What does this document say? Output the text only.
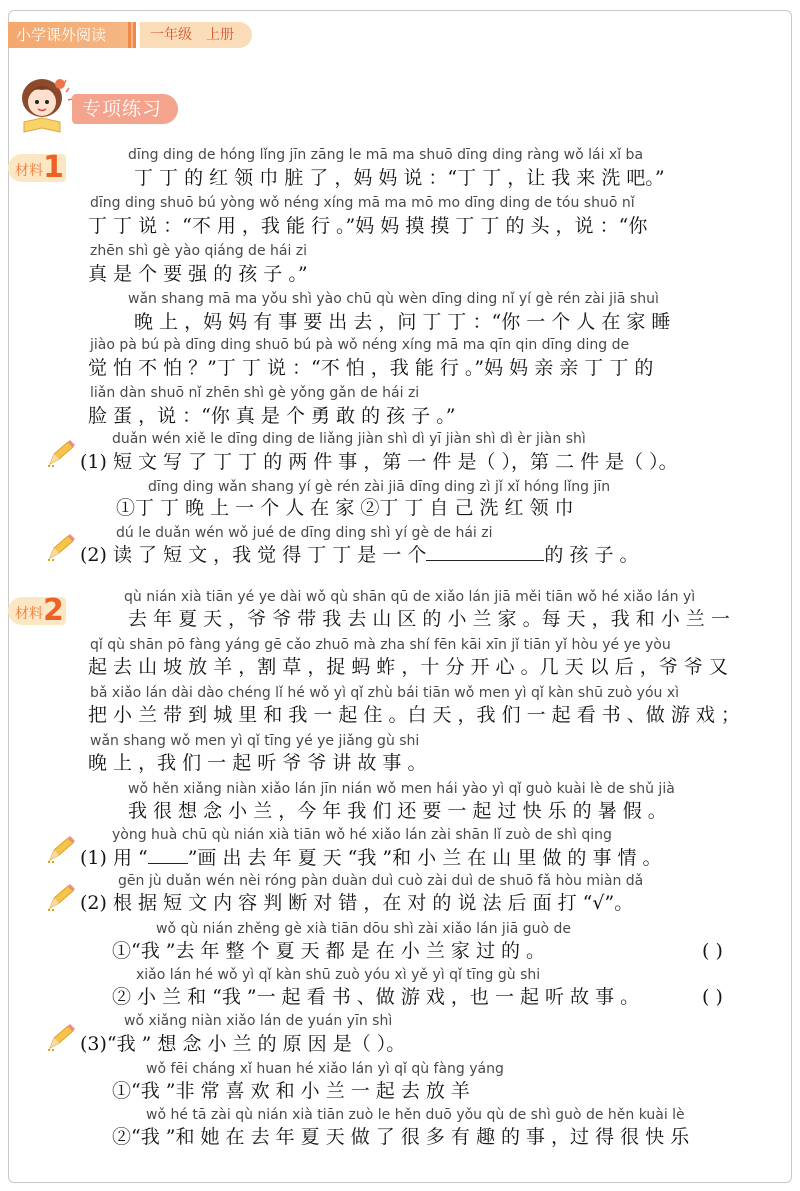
小学课外阅读	一年级　上册
专项练习
材料 1	dīng ding de hóng lǐng jīn zāng le mā ma shuō dīng ding ràng wǒ lái xǐ ba
丁 丁 的 红 领 巾 脏 了 ，妈 妈 说 ：“丁 丁 ，让 我 来 洗 吧。”
dīng ding shuō bú yòng wǒ néng xíng mā ma mō mo dīng ding de tóu shuō nǐ
丁 丁 说 ：“不 用 ，我 能 行 。”妈 妈 摸 摸 丁 丁 的 头 ，说 ：“你
zhēn shì gè yào qiáng de hái zi
真 是 个 要 强 的 孩 子 。”
wǎn shang mā ma yǒu shì yào chū qù wèn dīng ding nǐ yí gè rén zài jiā shuì
晚 上 ，妈 妈 有 事 要 出 去 ，问 丁 丁 ：“你 一 个 人 在 家 睡
jiào pà bú pà dīng ding shuō bú pà wǒ néng xíng mā ma qīn qin dīng ding de
觉 怕 不 怕 ？”丁 丁 说 ：“不 怕 ，我 能 行 。”妈 妈 亲 亲 丁 丁 的
liǎn dàn shuō nǐ zhēn shì gè yǒng gǎn de hái zi
脸 蛋 ，说 ：“你 真 是 个 勇 敢 的 孩 子 。”
duǎn wén xiě le dīng ding de liǎng jiàn shì dì yī jiàn shì dì èr jiàn shì
(1) 短 文 写 了 丁 丁 的 两 件 事 ，第 一 件 是（ ），第 二 件 是（ ）。
dīng ding wǎn shang yí gè rén zài jiā dīng ding zì jǐ xǐ hóng lǐng jīn
①丁 丁 晚 上 一 个 人 在 家 ②丁 丁 自 己 洗 红 领 巾
dú le duǎn wén wǒ jué de dīng ding shì yí gè de hái zi
(2) 读 了 短 文 ，我 觉 得 丁 丁 是 一 个	的 孩 子 。
材料 2	qù nián xià tiān yé ye dài wǒ qù shān qū de xiǎo lán jiā měi tiān wǒ hé xiǎo lán yì
去 年 夏 天 ，爷 爷 带 我 去 山 区 的 小 兰 家 。每 天 ，我 和 小 兰 一
qǐ qù shān pō fàng yáng gē cǎo zhuō mà zha shí fēn kāi xīn jǐ tiān yǐ hòu yé ye yòu
起 去 山 坡 放 羊 ，割 草 ，捉 蚂 蚱 ，十 分 开 心 。几 天 以 后 ，爷 爷 又
bǎ xiǎo lán dài dào chéng lǐ hé wǒ yì qǐ zhù bái tiān wǒ men yì qǐ kàn shū zuò yóu xì
把 小 兰 带 到 城 里 和 我 一 起 住 。白 天 ，我 们 一 起 看 书 、做 游 戏 ；
wǎn shang wǒ men yì qǐ tīng yé ye jiǎng gù shi
晚 上 ，我 们 一 起 听 爷 爷 讲 故 事 。
wǒ hěn xiǎng niàn xiǎo lán jīn nián wǒ men hái yào yì qǐ guò kuài lè de shǔ jià
我 很 想 念 小 兰 ，今 年 我 们 还 要 一 起 过 快 乐 的 暑 假 。
yòng huà chū qù nián xià tiān wǒ hé xiǎo lán zài shān lǐ zuò de shì qing
(1) 用 “ ”画 出 去 年 夏 天 “我 ”和 小 兰 在 山 里 做 的 事 情 。
gēn jù duǎn wén nèi róng pàn duàn duì cuò zài duì de shuō fǎ hòu miàn dǎ
(2) 根 据 短 文 内 容 判 断 对 错 ，在 对 的 说 法 后 面 打 “√”。
wǒ qù nián zhěng gè xià tiān dōu shì zài xiǎo lán jiā guò de
①“我 ”去 年 整 个 夏 天 都 是 在 小 兰 家 过 的 。	( )
xiǎo lán hé wǒ yì qǐ kàn shū zuò yóu xì yě yì qǐ tīng gù shi
② 小 兰 和 “我 ”一 起 看 书 、做 游 戏 ，也 一 起 听 故 事 。	( )
wǒ xiǎng niàn xiǎo lán de yuán yīn shì
(3)“我 ” 想 念 小 兰 的 原 因 是（ ）。
wǒ fēi cháng xǐ huan hé xiǎo lán yì qǐ qù fàng yáng
①“我 ”非 常 喜 欢 和 小 兰 一 起 去 放 羊
wǒ hé tā zài qù nián xià tiān zuò le hěn duō yǒu qù de shì guò de hěn kuài lè
②“我 ”和 她 在 去 年 夏 天 做 了 很 多 有 趣 的 事 ，过 得 很 快 乐
